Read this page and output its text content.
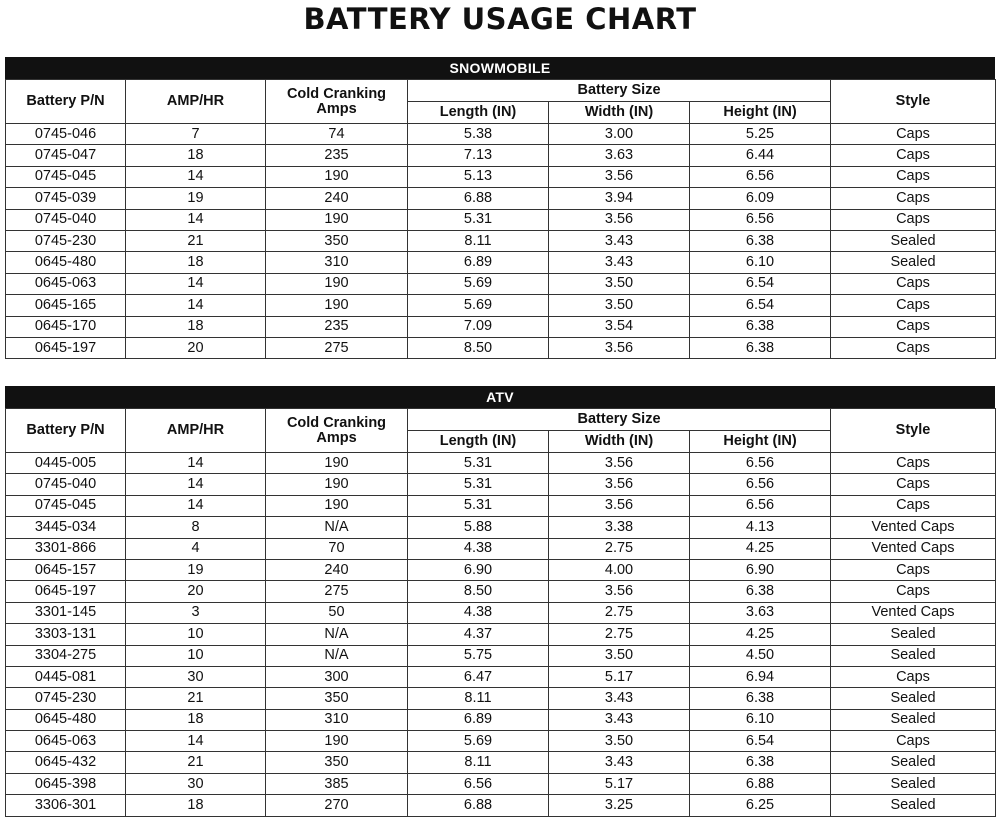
BATTERY USAGE CHART
SNOWMOBILE
Battery P/N	AMP/HR	Cold Cranking Amps	Battery Size			Style
			Length (IN)	Width (IN)	Height (IN)	
0745-046	7	74	5.38	3.00	5.25	Caps
0745-047	18	235	7.13	3.63	6.44	Caps
0745-045	14	190	5.13	3.56	6.56	Caps
0745-039	19	240	6.88	3.94	6.09	Caps
0745-040	14	190	5.31	3.56	6.56	Caps
0745-230	21	350	8.11	3.43	6.38	Sealed
0645-480	18	310	6.89	3.43	6.10	Sealed
0645-063	14	190	5.69	3.50	6.54	Caps
0645-165	14	190	5.69	3.50	6.54	Caps
0645-170	18	235	7.09	3.54	6.38	Caps
0645-197	20	275	8.50	3.56	6.38	Caps
ATV
Battery P/N	AMP/HR	Cold Cranking Amps	Battery Size			Style
			Length (IN)	Width (IN)	Height (IN)	
0445-005	14	190	5.31	3.56	6.56	Caps
0745-040	14	190	5.31	3.56	6.56	Caps
0745-045	14	190	5.31	3.56	6.56	Caps
3445-034	8	N/A	5.88	3.38	4.13	Vented Caps
3301-866	4	70	4.38	2.75	4.25	Vented Caps
0645-157	19	240	6.90	4.00	6.90	Caps
0645-197	20	275	8.50	3.56	6.38	Caps
3301-145	3	50	4.38	2.75	3.63	Vented Caps
3303-131	10	N/A	4.37	2.75	4.25	Sealed
3304-275	10	N/A	5.75	3.50	4.50	Sealed
0445-081	30	300	6.47	5.17	6.94	Caps
0745-230	21	350	8.11	3.43	6.38	Sealed
0645-480	18	310	6.89	3.43	6.10	Sealed
0645-063	14	190	5.69	3.50	6.54	Caps
0645-432	21	350	8.11	3.43	6.38	Sealed
0645-398	30	385	6.56	5.17	6.88	Sealed
3306-301	18	270	6.88	3.25	6.25	Sealed
